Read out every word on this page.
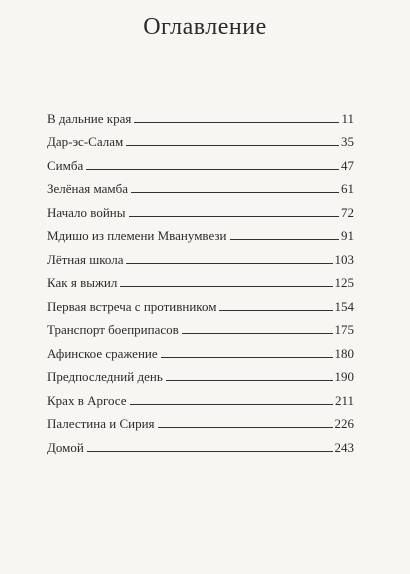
Оглавление
В дальние края	11
Дар-эс-Салам	35
Симба	47
Зелёная мамба	61
Начало войны	72
Мдишо из племени Мванумвези	91
Лётная школа	103
Как я выжил	125
Первая встреча с противником	154
Транспорт боеприпасов	175
Афинское сражение	180
Предпоследний день	190
Крах в Аргосе	211
Палестина и Сирия	226
Домой	243
